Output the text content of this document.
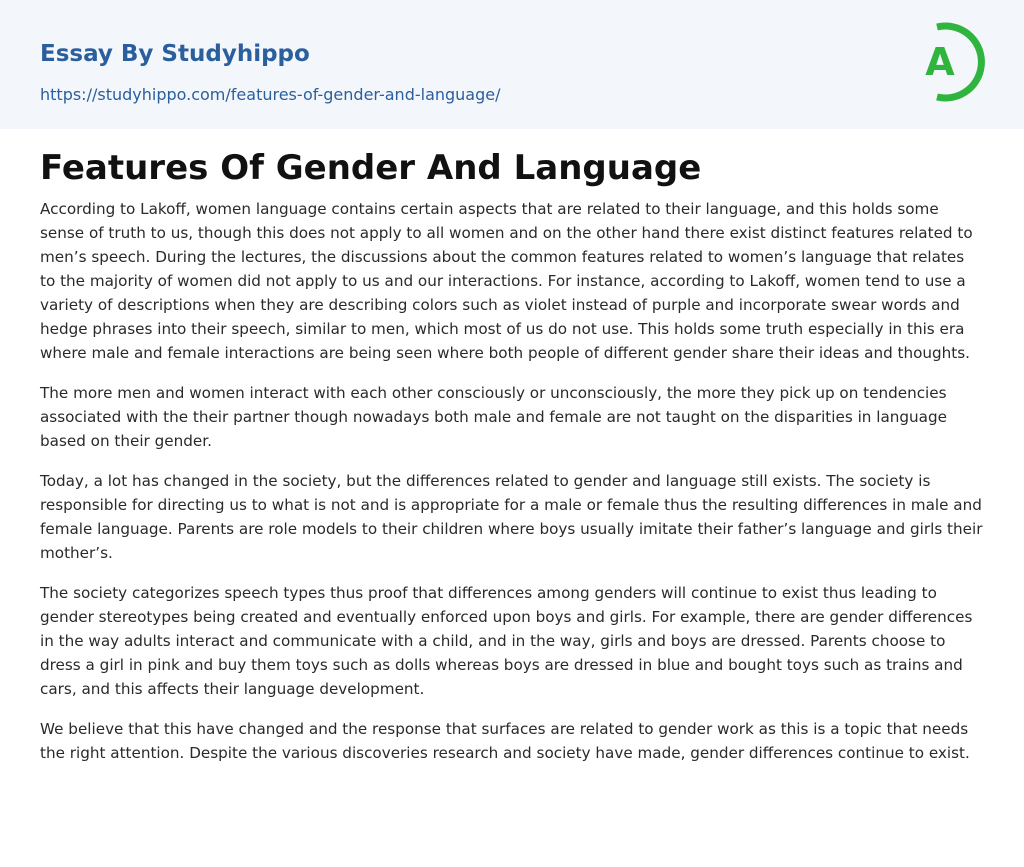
Essay By Studyhippo
https://studyhippo.com/features-of-gender-and-language/
A
Features Of Gender And Language

According to Lakoff, women language contains certain aspects that are related to their language, and this holds some sense of truth to us, though this does not apply to all women and on the other hand there exist distinct features related to men’s speech. During the lectures, the discussions about the common features related to women’s language that relates to the majority of women did not apply to us and our interactions. For instance, according to Lakoff, women tend to use a variety of descriptions when they are describing colors such as violet instead of purple and incorporate swear words and hedge phrases into their speech, similar to men, which most of us do not use. This holds some truth especially in this era where male and female interactions are being seen where both people of different gender share their ideas and thoughts.

The more men and women interact with each other consciously or unconsciously, the more they pick up on tendencies associated with the their partner though nowadays both male and female are not taught on the disparities in language based on their gender.

Today, a lot has changed in the society, but the differences related to gender and language still exists. The society is responsible for directing us to what is not and is appropriate for a male or female thus the resulting differences in male and female language. Parents are role models to their children where boys usually imitate their father’s language and girls their mother’s.

The society categorizes speech types thus proof that differences among genders will continue to exist thus leading to gender stereotypes being created and eventually enforced upon boys and girls. For example, there are gender differences in the way adults interact and communicate with a child, and in the way, girls and boys are dressed. Parents choose to dress a girl in pink and buy them toys such as dolls whereas boys are dressed in blue and bought toys such as trains and cars, and this affects their language development.

We believe that this have changed and the response that surfaces are related to gender work as this is a topic that needs the right attention. Despite the various discoveries research and society have made, gender differences continue to exist.
